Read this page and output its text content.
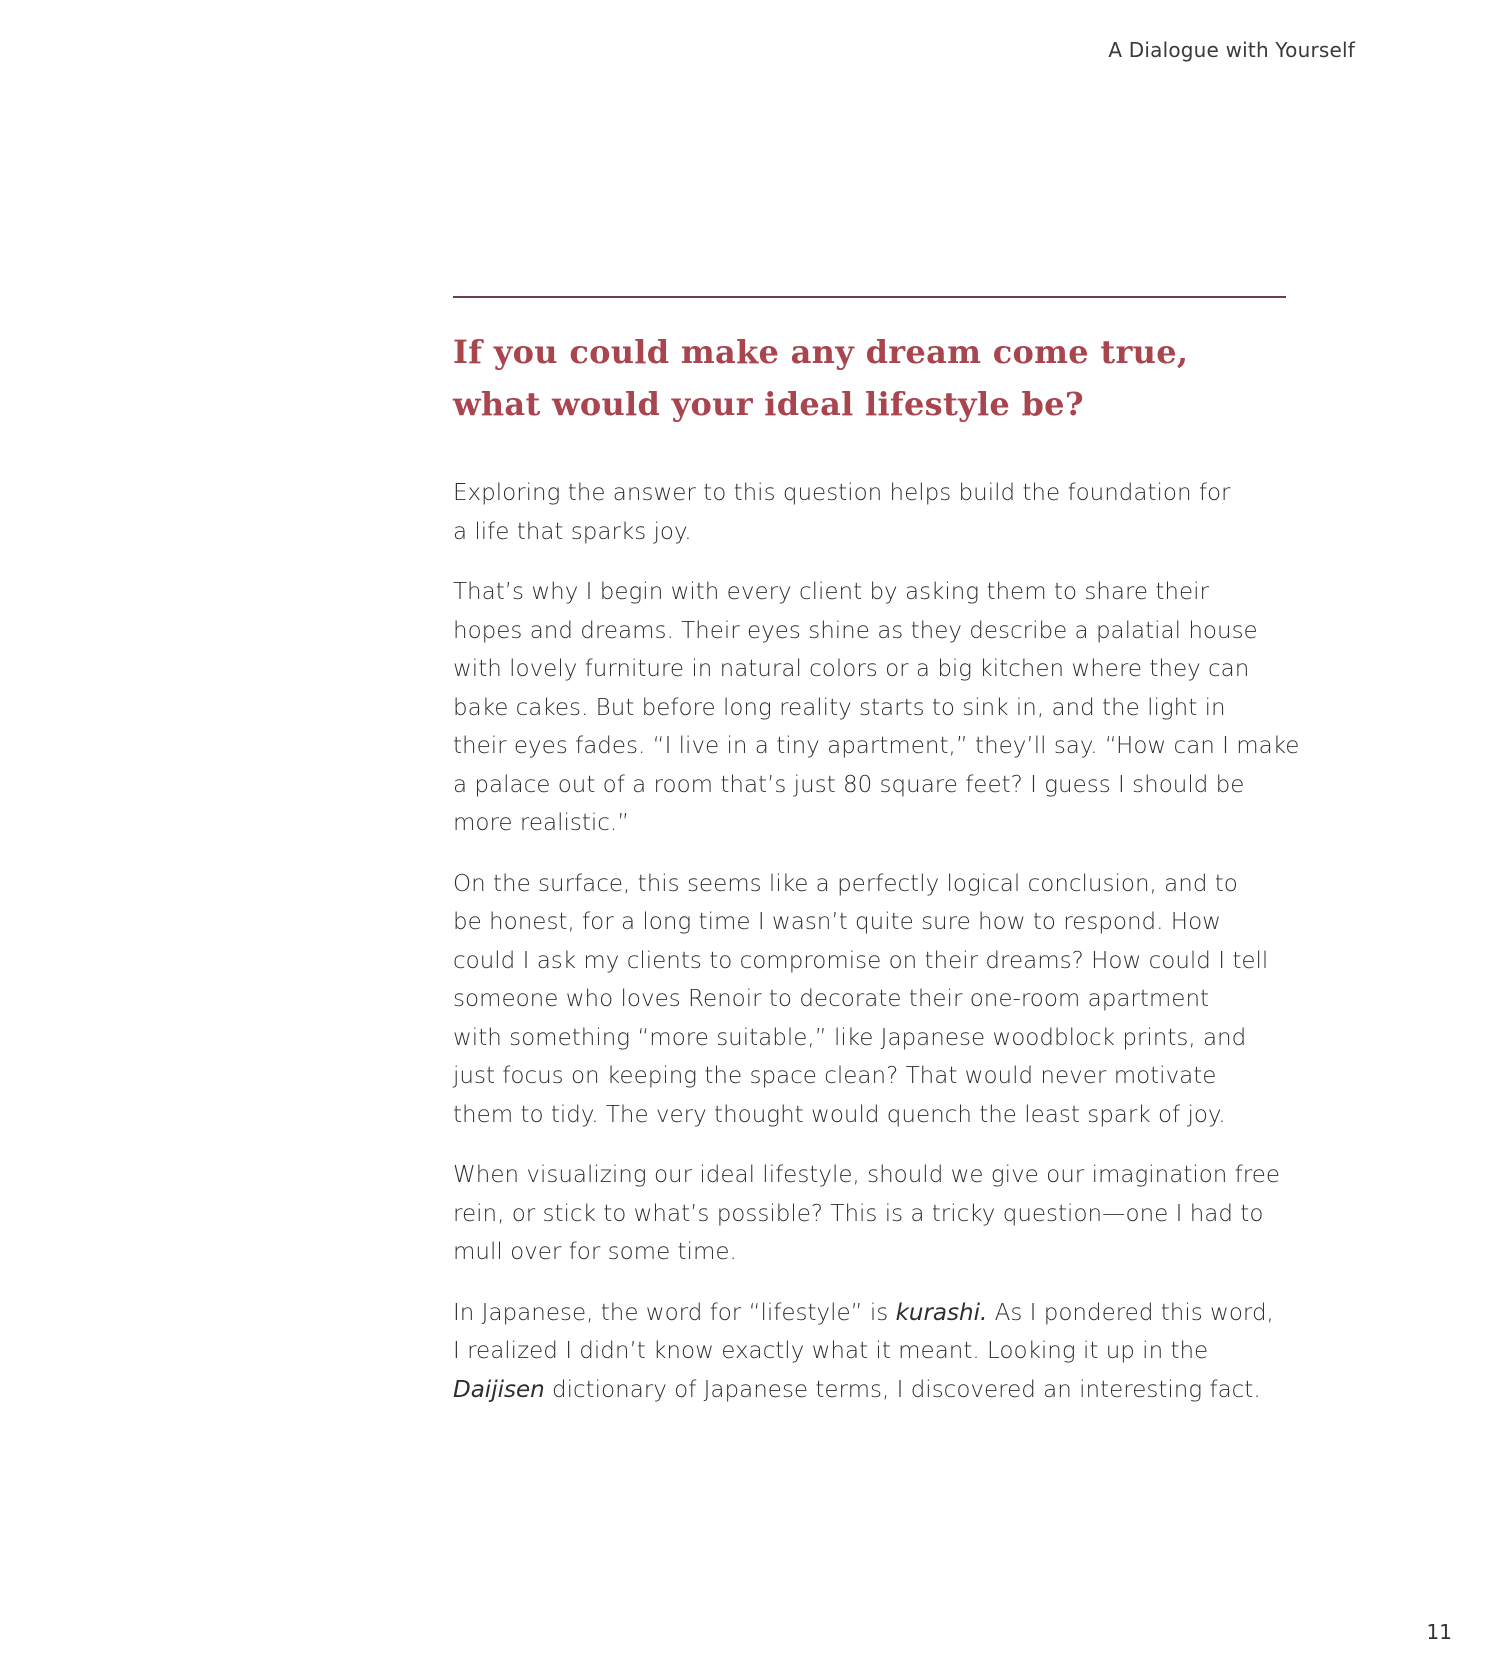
A Dialogue with Yourself
If you could make any dream come true,
what would your ideal lifestyle be?

Exploring the answer to this question helps build the foundation for
a life that sparks joy.

That’s why I begin with every client by asking them to share their
hopes and dreams. Their eyes shine as they describe a palatial house
with lovely furniture in natural colors or a big kitchen where they can
bake cakes. But before long reality starts to sink in, and the light in
their eyes fades. “I live in a tiny apartment,” they’ll say. “How can I make
a palace out of a room that’s just 80 square feet? I guess I should be
more realistic.”

On the surface, this seems like a perfectly logical conclusion, and to
be honest, for a long time I wasn’t quite sure how to respond. How
could I ask my clients to compromise on their dreams? How could I tell
someone who loves Renoir to decorate their one-room apartment
with something “more suitable,” like Japanese woodblock prints, and
just focus on keeping the space clean? That would never motivate
them to tidy. The very thought would quench the least spark of joy.

When visualizing our ideal lifestyle, should we give our imagination free
rein, or stick to what’s possible? This is a tricky question—one I had to
mull over for some time.

In Japanese, the word for “lifestyle” is kurashi. As I pondered this word,
I realized I didn’t know exactly what it meant. Looking it up in the
Daijisen dictionary of Japanese terms, I discovered an interesting fact.

11
